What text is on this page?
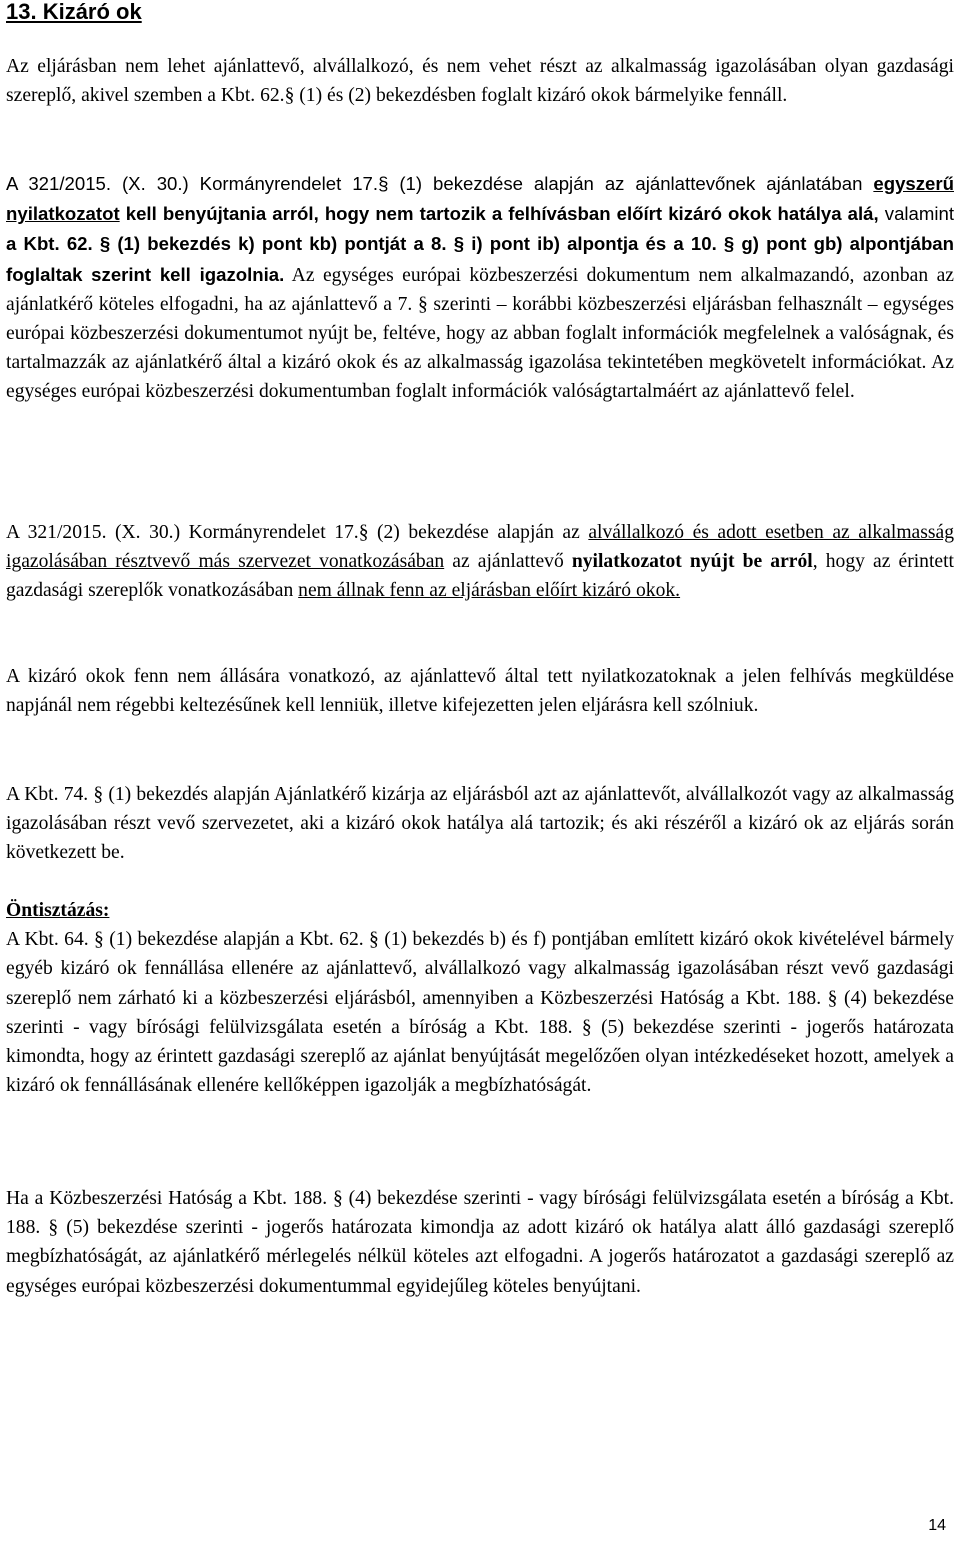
13. Kizáró ok

Az eljárásban nem lehet ajánlattevő, alvállalkozó, és nem vehet részt az alkalmasság igazolásában olyan gazdasági szereplő, akivel szemben a Kbt. 62.§ (1) és (2) bekezdésben foglalt kizáró okok bármelyike fennáll.

A 321/2015. (X. 30.) Kormányrendelet 17.§ (1) bekezdése alapján az ajánlattevőnek ajánlatában egyszerű nyilatkozatot kell benyújtania arról, hogy nem tartozik a felhívásban előírt kizáró okok hatálya alá, valamint a Kbt. 62. § (1) bekezdés k) pont kb) pontját a 8. § i) pont ib) alpontja és a 10. § g) pont gb) alpontjában foglaltak szerint kell igazolnia. Az egységes európai közbeszerzési dokumentum nem alkalmazandó, azonban az ajánlatkérő köteles elfogadni, ha az ajánlattevő a 7. § szerinti – korábbi közbeszerzési eljárásban felhasznált – egységes európai közbeszerzési dokumentumot nyújt be, feltéve, hogy az abban foglalt információk megfelelnek a valóságnak, és tartalmazzák az ajánlatkérő által a kizáró okok és az alkalmasság igazolása tekintetében megkövetelt információkat. Az egységes európai közbeszerzési dokumentumban foglalt információk valóságtartalmáért az ajánlattevő felel.

A 321/2015. (X. 30.) Kormányrendelet 17.§ (2) bekezdése alapján az alvállalkozó és adott esetben az alkalmasság igazolásában résztvevő más szervezet vonatkozásában az ajánlattevő nyilatkozatot nyújt be arról, hogy az érintett gazdasági szereplők vonatkozásában nem állnak fenn az eljárásban előírt kizáró okok.

A kizáró okok fenn nem állására vonatkozó, az ajánlattevő által tett nyilatkozatoknak a jelen felhívás megküldése napjánál nem régebbi keltezésűnek kell lenniük, illetve kifejezetten jelen eljárásra kell szólniuk.

A Kbt. 74. § (1) bekezdés alapján Ajánlatkérő kizárja az eljárásból azt az ajánlattevőt, alvállalkozót vagy az alkalmasság igazolásában részt vevő szervezetet, aki a kizáró okok hatálya alá tartozik; és aki részéről a kizáró ok az eljárás során következett be.

Öntisztázás:
A Kbt. 64. § (1) bekezdése alapján a Kbt. 62. § (1) bekezdés b) és f) pontjában említett kizáró okok kivételével bármely egyéb kizáró ok fennállása ellenére az ajánlattevő, alvállalkozó vagy alkalmasság igazolásában részt vevő gazdasági szereplő nem zárható ki a közbeszerzési eljárásból, amennyiben a Közbeszerzési Hatóság a Kbt. 188. § (4) bekezdése szerinti - vagy bírósági felülvizsgálata esetén a bíróság a Kbt. 188. § (5) bekezdése szerinti - jogerős határozata kimondta, hogy az érintett gazdasági szereplő az ajánlat benyújtását megelőzően olyan intézkedéseket hozott, amelyek a kizáró ok fennállásának ellenére kellőképpen igazolják a megbízhatóságát.

Ha a Közbeszerzési Hatóság a Kbt. 188. § (4) bekezdése szerinti - vagy bírósági felülvizsgálata esetén a bíróság a Kbt. 188. § (5) bekezdése szerinti - jogerős határozata kimondja az adott kizáró ok hatálya alatt álló gazdasági szereplő megbízhatóságát, az ajánlatkérő mérlegelés nélkül köteles azt elfogadni. A jogerős határozatot a gazdasági szereplő az egységes európai közbeszerzési dokumentummal egyidejűleg köteles benyújtani.

14
